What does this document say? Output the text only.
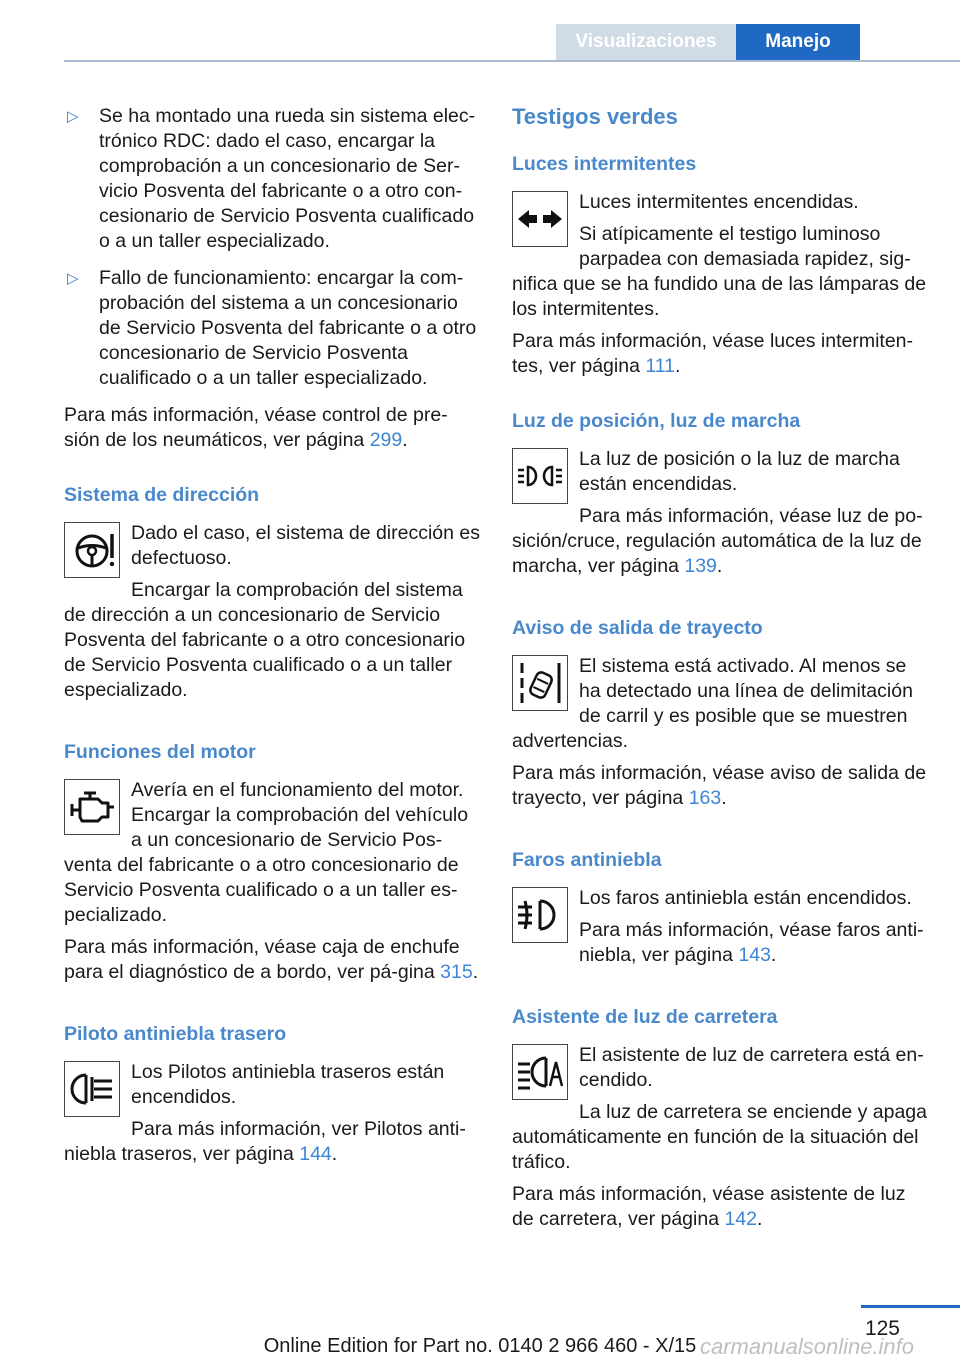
Visualizaciones	Manejo
▷ Se ha montado una rueda sin sistema elec-trónico RDC: dado el caso, encargar la comprobación a un concesionario de Ser-vicio Posventa del fabricante o a otro con-cesionario de Servicio Posventa cualificado o a un taller especializado.
▷ Fallo de funcionamiento: encargar la com-probación del sistema a un concesionario de Servicio Posventa del fabricante o a otro concesionario de Servicio Posventa cualificado o a un taller especializado.

Para más información, véase control de pre-sión de los neumáticos, ver página 299.

Sistema de dirección

Dado el caso, el sistema de dirección es defectuoso.

Encargar la comprobación del sistema de dirección a un concesionario de Servicio Posventa del fabricante o a otro concesionario de Servicio Posventa cualificado o a un taller especializado.

Funciones del motor

Avería en el funcionamiento del motor. Encargar la comprobación del vehículo a un concesionario de Servicio Pos-venta del fabricante o a otro concesionario de Servicio Posventa cualificado o a un taller es-pecializado.

Para más información, véase caja de enchufe para el diagnóstico de a bordo, ver pá-gina 315.

Piloto antiniebla trasero

Los Pilotos antiniebla traseros están encendidos.

Para más información, ver Pilotos anti-niebla traseros, ver página 144.

Testigos verdes
Luces intermitentes

Luces intermitentes encendidas.

Si atípicamente el testigo luminoso parpadea con demasiada rapidez, sig-nifica que se ha fundido una de las lámparas de los intermitentes.

Para más información, véase luces intermiten-tes, ver página 111.

Luz de posición, luz de marcha

La luz de posición o la luz de marcha están encendidas.

Para más información, véase luz de po-sición/cruce, regulación automática de la luz de marcha, ver página 139.

Aviso de salida de trayecto

El sistema está activado. Al menos se ha detectado una línea de delimitación de carril y es posible que se muestren advertencias.

Para más información, véase aviso de salida de trayecto, ver página 163.

Faros antiniebla

Los faros antiniebla están encendidos.

Para más información, véase faros anti-niebla, ver página 143.

Asistente de luz de carretera

El asistente de luz de carretera está en-cendido.

La luz de carretera se enciende y apaga automáticamente en función de la situación del tráfico.

Para más información, véase asistente de luz de carretera, ver página 142.

125
Online Edition for Part no. 0140 2 966 460 - X/15 carmanualsonline.info
